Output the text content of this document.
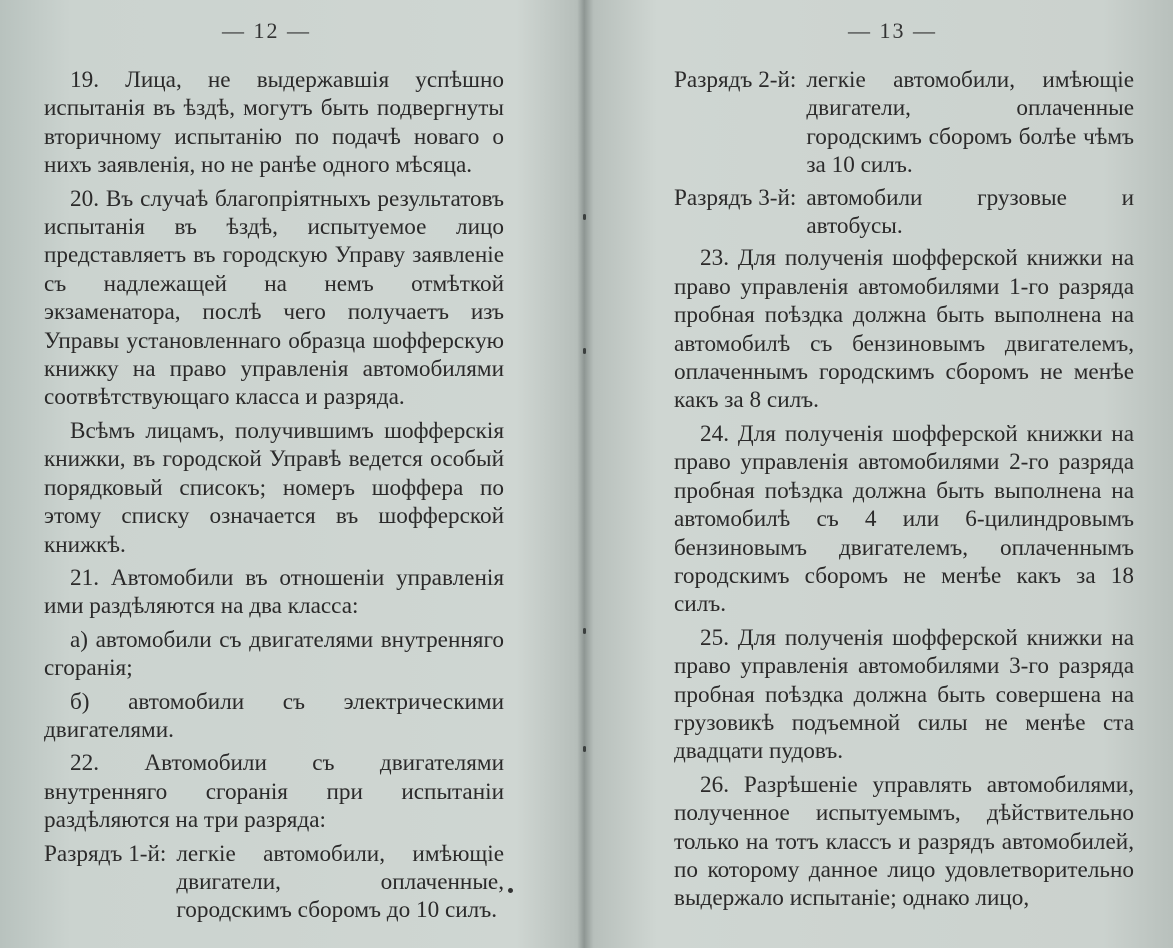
— 12 —

19. Лица, не выдержавшія успѣшно испытанія въ ѣздѣ, могутъ быть подвергнуты вторичному испытанію по подачѣ новаго о нихъ заявленія, но не ранѣе одного мѣсяца.

20. Въ случаѣ благопріятныхъ результатовъ испытанія въ ѣздѣ, испытуемое лицо представляетъ въ городскую Управу заявленіе съ надлежащей на немъ отмѣткой экзаменатора, послѣ чего получаетъ изъ Управы установленнаго образца шофферскую книжку на право управленія автомобилями соотвѣтствующаго класса и разряда.

Всѣмъ лицамъ, получившимъ шофферскія книжки, въ городской Управѣ ведется особый порядковый списокъ; номеръ шоффера по этому списку означается въ шофферской книжкѣ.

21. Автомобили въ отношеніи управленія ими раздѣляются на два класса:

а) автомобили съ двигателями внутренняго сгоранія;

б) автомобили съ электрическими двигателями.

22. Автомобили съ двигателями внутренняго сгоранія при испытаніи раздѣляются на три разряда:

Разрядъ 1-й: легкіе автомобили, имѣющіе двигатели, оплаченные, городскимъ сборомъ до 10 силъ.
— 13 —
Разрядъ 2-й: легкіе автомобили, имѣющіе двигатели, оплаченные городскимъ сборомъ болѣе чѣмъ за 10 силъ.
Разрядъ 3-й: автомобили грузовые и автобусы.

23. Для полученія шофферской книжки на право управленія автомобилями 1-го разряда пробная поѣздка должна быть выполнена на автомобилѣ съ бензиновымъ двигателемъ, оплаченнымъ городскимъ сборомъ не менѣе какъ за 8 силъ.

24. Для полученія шофферской книжки на право управленія автомобилями 2-го разряда пробная поѣздка должна быть выполнена на автомобилѣ съ 4 или 6-цилиндровымъ бензиновымъ двигателемъ, оплаченнымъ городскимъ сборомъ не менѣе какъ за 18 силъ.

25. Для полученія шофферской книжки на право управленія автомобилями 3-го разряда пробная поѣздка должна быть совершена на грузовикѣ подъемной силы не менѣе ста двадцати пудовъ.

26. Разрѣшеніе управлять автомобилями, полученное испытуемымъ, дѣйствительно только на тотъ классъ и разрядъ автомобилей, по которому данное лицо удовлетворительно выдержало испытаніе; однако лицо,
